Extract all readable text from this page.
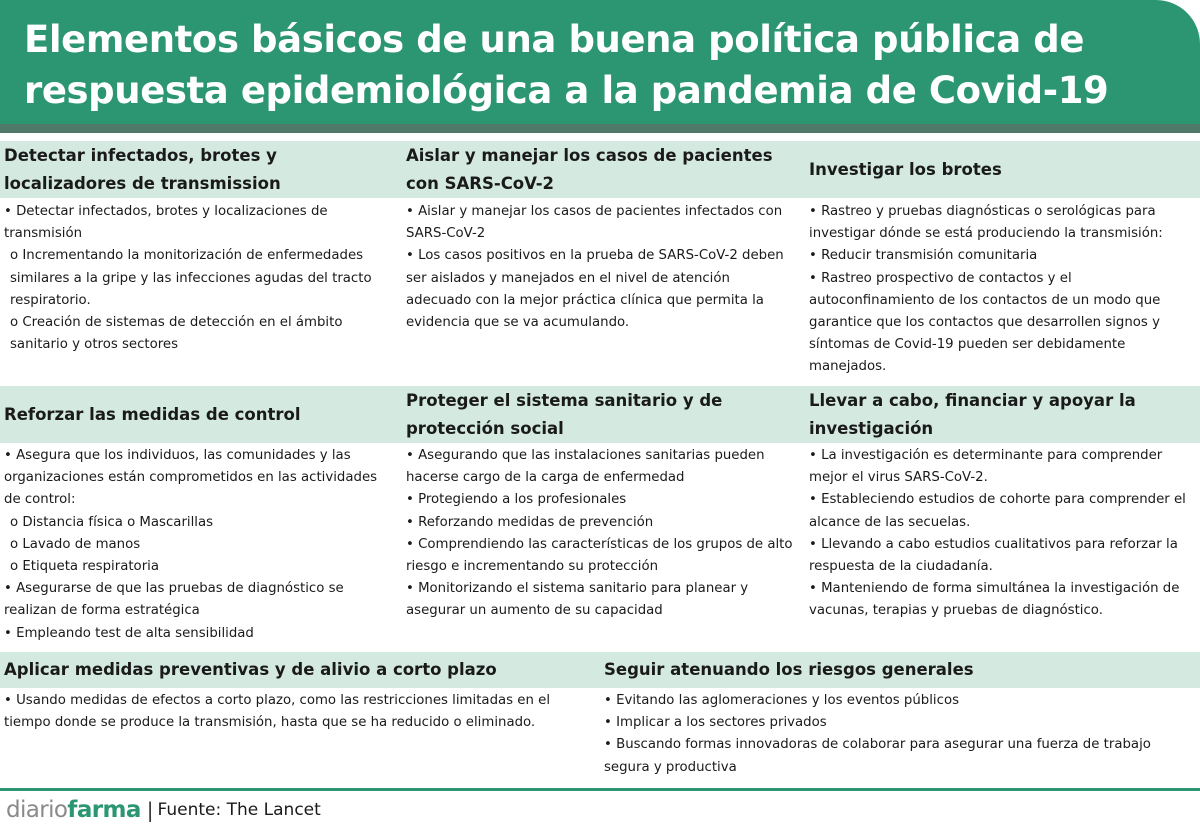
Elementos básicos de una buena política pública de
respuesta epidemiológica a la pandemia de Covid-19
Detectar infectados, brotes y localizadores de transmission
• Detectar infectados, brotes y localizaciones de transmisión
o Incrementando la monitorización de enfermedades similares a la gripe y las infecciones agudas del tracto respiratorio.
o Creación de sistemas de detección en el ámbito sanitario y otros sectores
Aislar y manejar los casos de pacientes con SARS-CoV-2
• Aislar y manejar los casos de pacientes infectados con SARS-CoV-2
• Los casos positivos en la prueba de SARS-CoV-2 deben ser aislados y manejados en el nivel de atención adecuado con la mejor práctica clínica que permita la evidencia que se va acumulando.
Investigar los brotes
• Rastreo y pruebas diagnósticas o serológicas para investigar dónde se está produciendo la transmisión:
• Reducir transmisión comunitaria
• Rastreo prospectivo de contactos y el autoconfinamiento de los contactos de un modo que garantice que los contactos que desarrollen signos y síntomas de Covid-19 pueden ser debidamente manejados.
Reforzar las medidas de control
• Asegura que los individuos, las comunidades y las organizaciones están comprometidos en las actividades de control:
o Distancia física o Mascarillas
o Lavado de manos
o Etiqueta respiratoria
• Asegurarse de que las pruebas de diagnóstico se realizan de forma estratégica
• Empleando test de alta sensibilidad
Proteger el sistema sanitario y de protección social
• Asegurando que las instalaciones sanitarias pueden hacerse cargo de la carga de enfermedad
• Protegiendo a los profesionales
• Reforzando medidas de prevención
• Comprendiendo las características de los grupos de alto riesgo e incrementando su protección
• Monitorizando el sistema sanitario para planear y asegurar un aumento de su capacidad
Llevar a cabo, financiar y apoyar la investigación
• La investigación es determinante para comprender mejor el virus SARS-CoV-2.
• Estableciendo estudios de cohorte para comprender el alcance de las secuelas.
• Llevando a cabo estudios cualitativos para reforzar la respuesta de la ciudadanía.
• Manteniendo de forma simultánea la investigación de vacunas, terapias y pruebas de diagnóstico.
Aplicar medidas preventivas y de alivio a corto plazo
• Usando medidas de efectos a corto plazo, como las restricciones limitadas en el tiempo donde se produce la transmisión, hasta que se ha reducido o eliminado.
Seguir atenuando los riesgos generales
• Evitando las aglomeraciones y los eventos públicos
• Implicar a los sectores privados
• Buscando formas innovadoras de colaborar para asegurar una fuerza de trabajo segura y productiva
diariofarma | Fuente: The Lancet
